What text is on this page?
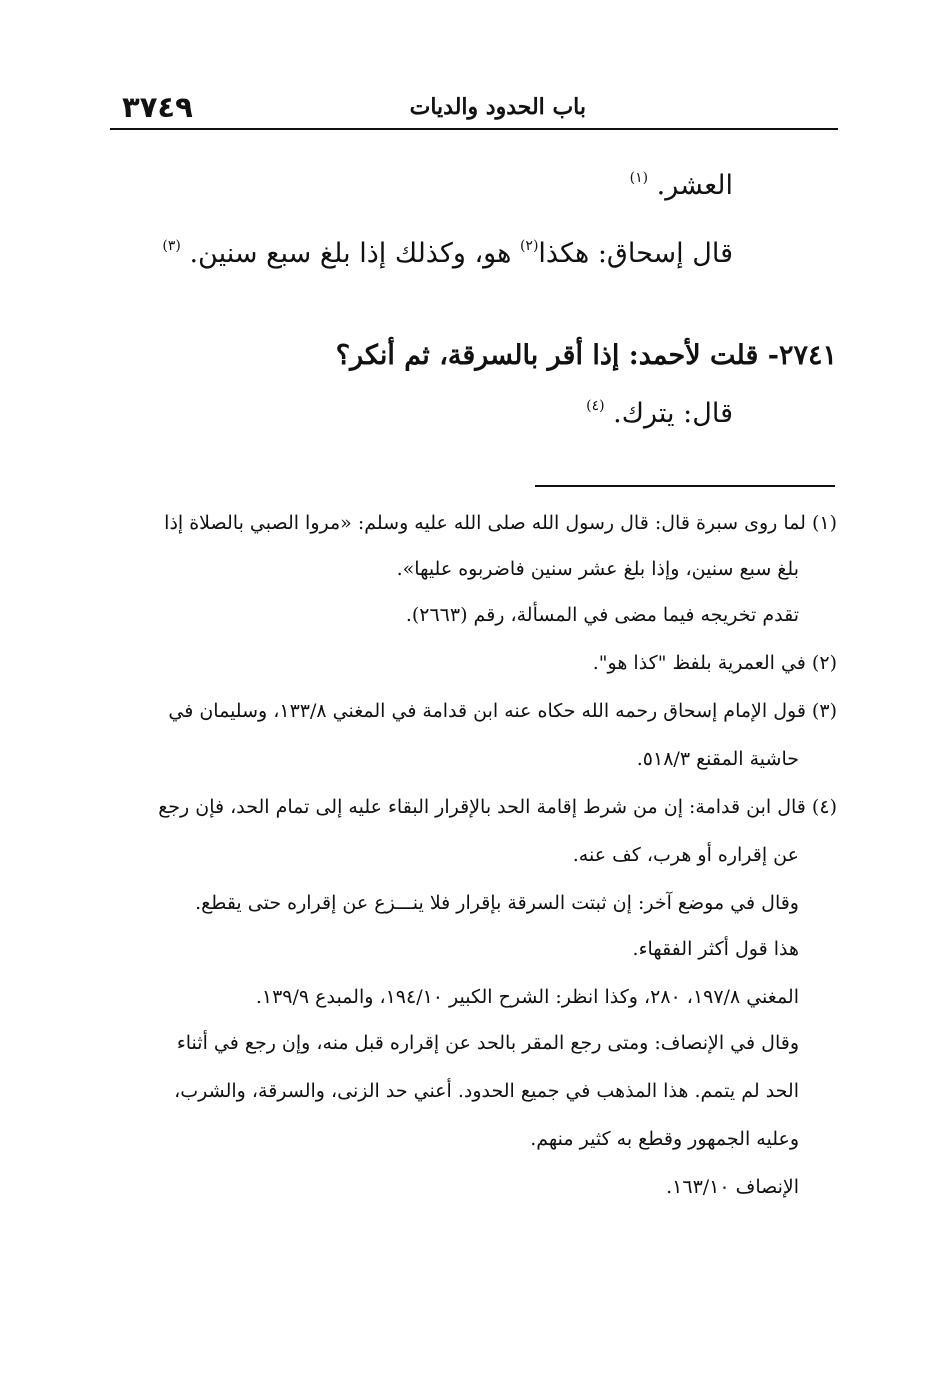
٣٧٤٩	باب الحدود والديات
العشر. $^{(١)}$
قال إسحاق: هكذا$^{(٢)}$ هو، وكذلك إذا بلغ سبع سنين. $^{(٣)}$
٢٧٤١- قلت لأحمد: إذا أقر بالسرقة، ثم أنكر؟
قال: يترك. $^{(٤)}$
(١) لما روى سبرة قال: قال رسول الله صلى الله عليه وسلم: «مروا الصبي بالصلاة إذا
بلغ سبع سنين، وإذا بلغ عشر سنين فاضربوه عليها».
تقدم تخريجه فيما مضى في المسألة، رقم (٢٦٦٣).
(٢) في العمرية بلفظ "كذا هو".
(٣) قول الإمام إسحاق رحمه الله حكاه عنه ابن قدامة في المغني ١٣٣/٨، وسليمان في
حاشية المقنع ٥١٨/٣.
(٤) قال ابن قدامة: إن من شرط إقامة الحد بالإقرار البقاء عليه إلى تمام الحد، فإن رجع
عن إقراره أو هرب، كف عنه.
وقال في موضع آخر: إن ثبتت السرقة بإقرار فلا ينـــزع عن إقراره حتى يقطع.
هذا قول أكثر الفقهاء.
المغني ١٩٧/٨، ٢٨٠، وكذا انظر: الشرح الكبير ١٩٤/١٠، والمبدع ١٣٩/٩.
وقال في الإنصاف: ومتى رجع المقر بالحد عن إقراره قبل منه، وإن رجع في أثناء
الحد لم يتمم. هذا المذهب في جميع الحدود. أعني حد الزنى، والسرقة، والشرب،
وعليه الجمهور وقطع به كثير منهم.
الإنصاف ١٦٣/١٠.
